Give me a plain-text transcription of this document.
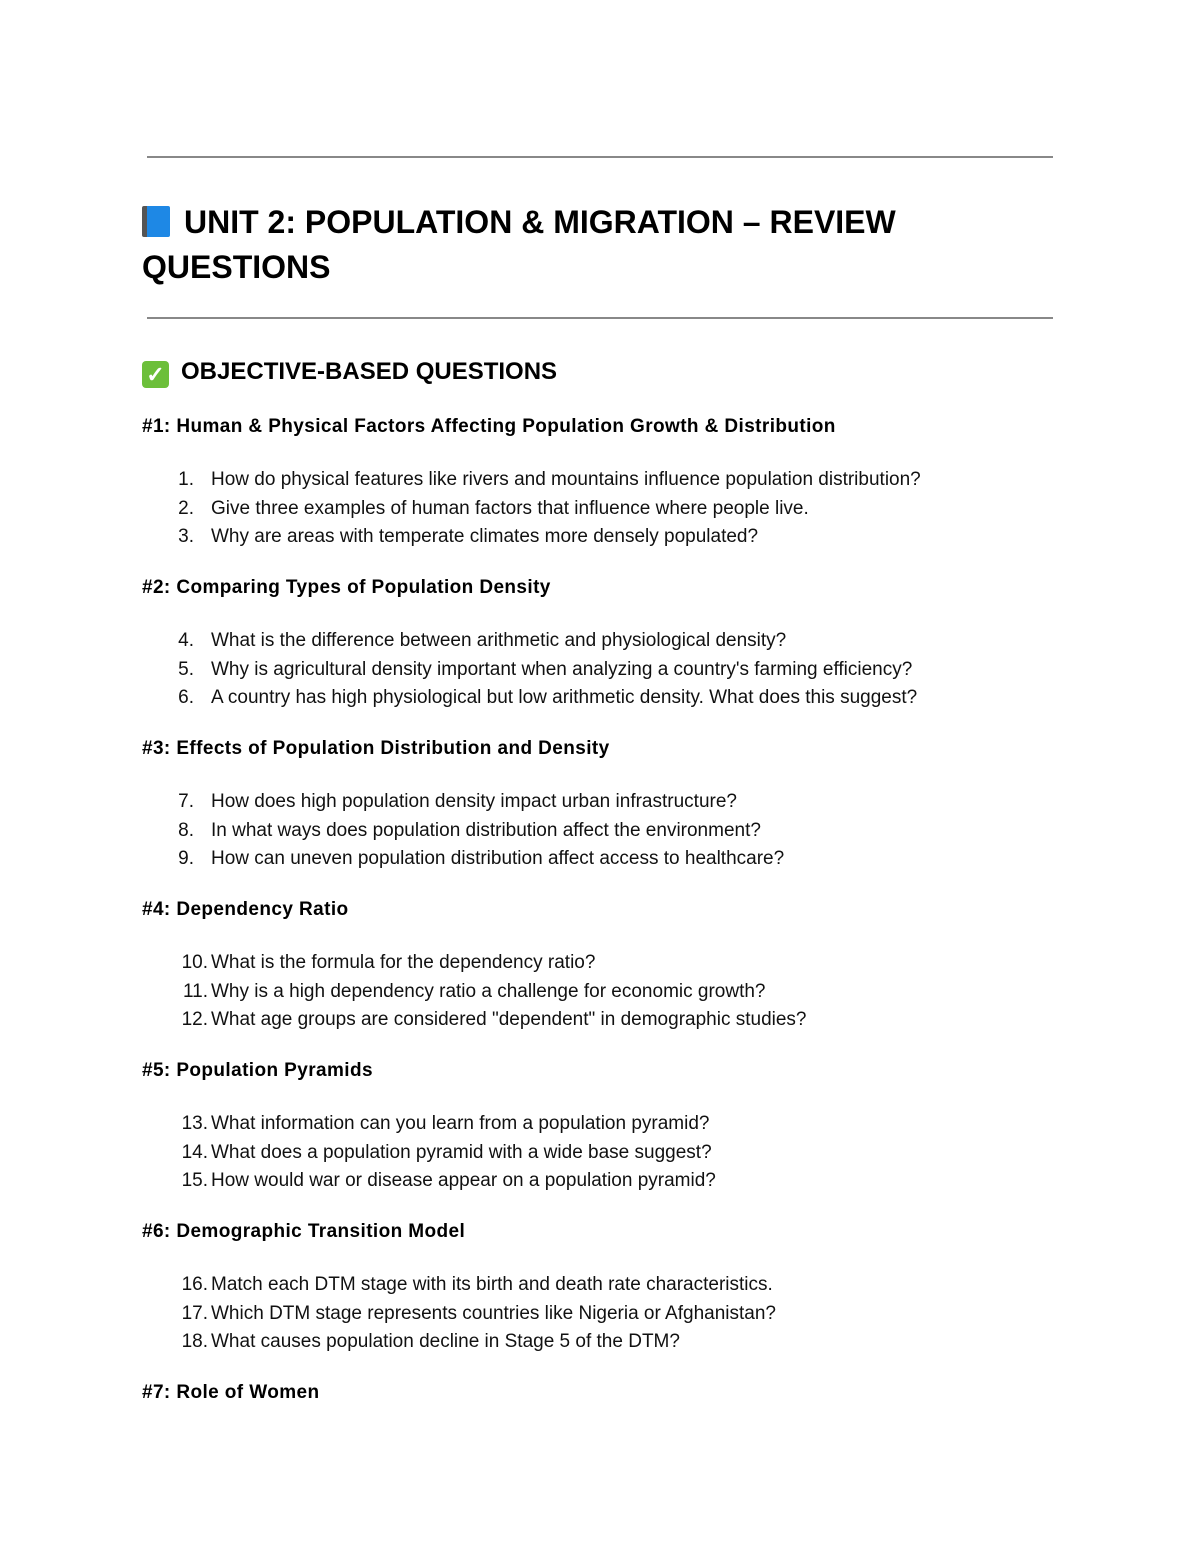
UNIT 2: POPULATION & MIGRATION – REVIEW QUESTIONS
✓ OBJECTIVE-BASED QUESTIONS
#1: Human & Physical Factors Affecting Population Growth & Distribution
1. How do physical features like rivers and mountains influence population distribution?
2. Give three examples of human factors that influence where people live.
3. Why are areas with temperate climates more densely populated?
#2: Comparing Types of Population Density
4. What is the difference between arithmetic and physiological density?
5. Why is agricultural density important when analyzing a country's farming efficiency?
6. A country has high physiological but low arithmetic density. What does this suggest?
#3: Effects of Population Distribution and Density
7. How does high population density impact urban infrastructure?
8. In what ways does population distribution affect the environment?
9. How can uneven population distribution affect access to healthcare?
#4: Dependency Ratio
10. What is the formula for the dependency ratio?
11. Why is a high dependency ratio a challenge for economic growth?
12. What age groups are considered "dependent" in demographic studies?
#5: Population Pyramids
13. What information can you learn from a population pyramid?
14. What does a population pyramid with a wide base suggest?
15. How would war or disease appear on a population pyramid?
#6: Demographic Transition Model
16. Match each DTM stage with its birth and death rate characteristics.
17. Which DTM stage represents countries like Nigeria or Afghanistan?
18. What causes population decline in Stage 5 of the DTM?
#7: Role of Women
